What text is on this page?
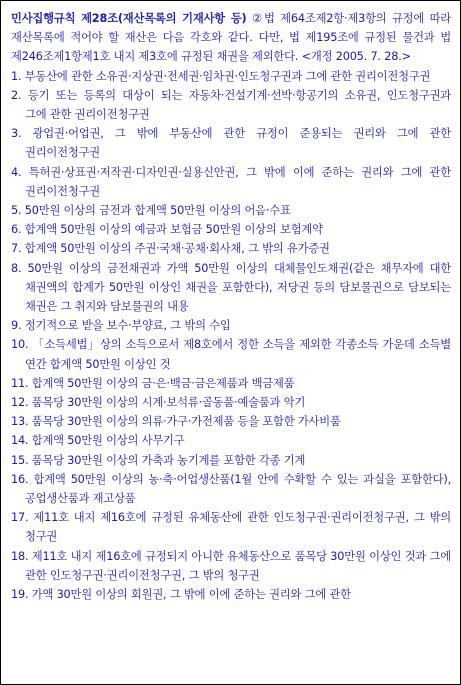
민사집행규칙 제28조(재산목록의 기재사항 등) ②법 제64조제2항·제3항의 규정에 따라 재산목록에 적어야 할 재산은 다음 각호와 같다. 다만, 법 제195조에 규정된 물건과 법 제246조제1항제1호 내지 제3호에 규정된 채권을 제외한다. <개정 2005. 7. 28.>

1. 부동산에 관한 소유권·지상권·전세권·임차권·인도청구권과 그에 관한 권리이전청구권
2. 등기 또는 등록의 대상이 되는 자동차·건설기계·선박·항공기의 소유권, 인도청구권과 그에 관한 권리이전청구권
3. 광업권·어업권, 그 밖에 부동산에 관한 규정이 준용되는 권리와 그에 관한 권리이전청구권
4. 특허권·상표권·저작권·디자인권·실용신안권, 그 밖에 이에 준하는 권리와 그에 관한 권리이전청구권
5. 50만원 이상의 금전과 합계액 50만원 이상의 어음·수표
6. 합계액 50만원 이상의 예금과 보험금 50만원 이상의 보험계약
7. 합계액 50만원 이상의 주권·국채·공채·회사채, 그 밖의 유가증권
8. 50만원 이상의 금전채권과 가액 50만원 이상의 대체물인도채권(같은 채무자에 대한 채권액의 합계가 50만원 이상인 채권을 포함한다), 저당권 등의 담보물권으로 담보되는 채권은 그 취지와 담보물권의 내용
9. 정기적으로 받을 보수·부양료, 그 밖의 수입
10. 「소득세법」상의 소득으로서 제8호에서 정한 소득을 제외한 각종소득 가운데 소득별 연간 합계액 50만원 이상인 것
11. 합계액 50만원 이상의 금·은·백금·금은제품과 백금제품
12. 품목당 30만원 이상의 시계·보석류·골동품·예술품과 악기
13. 품목당 30만원 이상의 의류·가구·가전제품 등을 포함한 가사비품
14. 합계액 50만원 이상의 사무기구
15. 품목당 30만원 이상의 가축과 농기계를 포함한 각종 기계
16. 합계액 50만원 이상의 농·축·어업생산품(1월 안에 수확할 수 있는 과실을 포함한다), 공업생산품과 재고상품
17. 제11호 내지 제16호에 규정된 유체동산에 관한 인도청구권·권리이전청구권, 그 밖의 청구권
18. 제11호 내지 제16호에 규정되지 아니한 유체동산으로 품목당 30만원 이상인 것과 그에 관한 인도청구권·권리이전청구권, 그 밖의 청구권
19. 가액 30만원 이상의 회원권, 그 밖에 이에 준하는 권리와 그에 관한
